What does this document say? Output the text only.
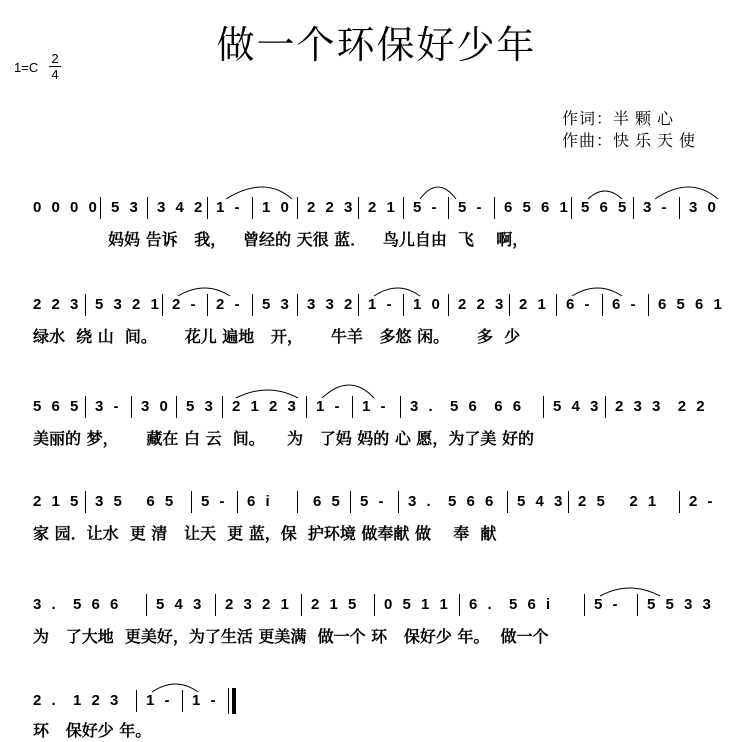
做一个环保好少年
1=C
2
4
作词：半颗心
作曲：快乐天使
0 0 0 0 5 3 3 4 2 1 - 1 0 2 2 3 2 1 5 - 5 - 6 5 6 1 5 6 5 3 - 3 0
妈妈 告诉   我，   曾经的 天很 蓝．   鸟儿自由  飞    啊，
2 2 3 5 3 2 1 2 - 2 - 5 3 3 3 2 1 - 1 0 2 2 3 2 1 6 - 6 - 6 5 6 1
绿水  绕 山  间。     花儿 遍地   开，     牛羊   多悠 闲。     多  少
5 6 5 3 - 3 0 5 3 2 1 2 3 1 - 1 - 3 .  5 6  6 6 5 4 3 2 3 3  2 2
美丽的 梦，     藏在 白 云  间。    为   了妈 妈的 心 愿，为了美 好的
2 1 5 3 5   6 5 5 - 6 i	6 5 5 - 3 .  5 6 6 5 4 3 2 5   2 1 2 -
家 园．让水  更 清   让天  更 蓝，保  护环境 做奉献 做    奉  献
3 .  5 6 6 5 4 3 2 3 2 1 2 1 5 0 5 1 1 6 .  5 6 i	5 - 5 5 3 3
为   了大地  更美好，为了生活 更美满  做一个 环   保好少 年。  做一个
2 .  1 2 3 1 - 1 -
环   保好少 年。
